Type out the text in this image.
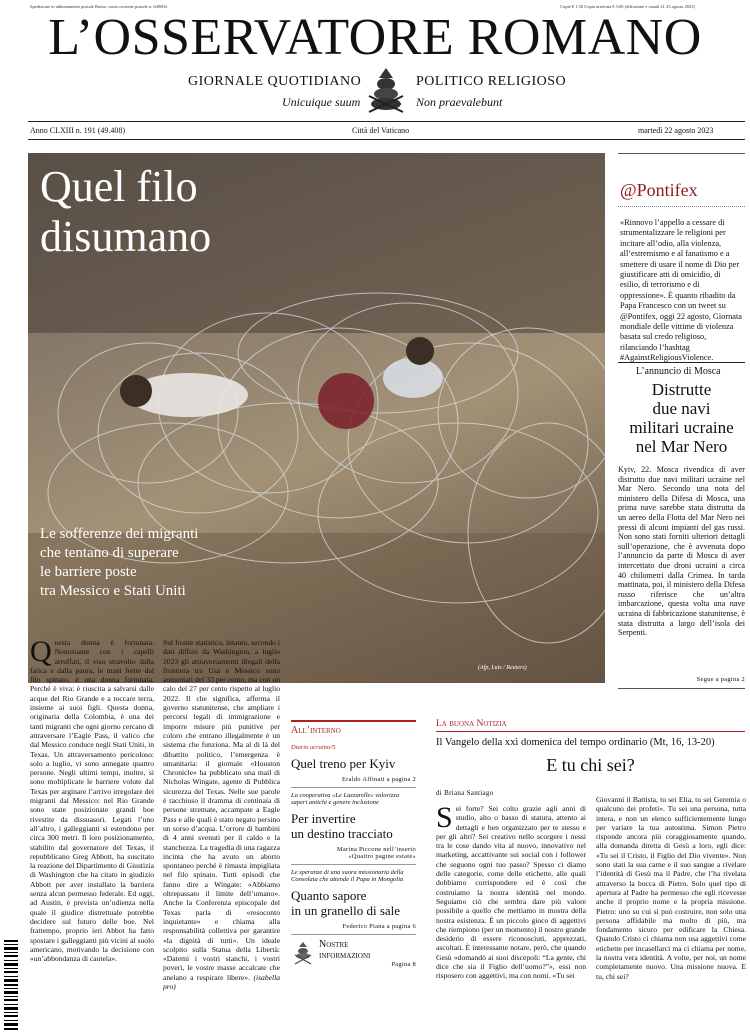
Spedizione in abbonamento postale Roma, conto corrente postale n. 649004	Copie € 1,50 Copia arretrata € 3,00 (diffusione e canali 21 23 agosto 2023)
L’OSSERVATORE ROMANO
GIORNALE QUOTIDIANO	POLITICO RELIGIOSO
Unicuique suum	Non praevalebunt
Anno CLXIII n. 191 (49.408)	Città del Vaticano	martedì 22 agosto 2023
Quel filo
disumano
Le sofferenze dei migranti
che tentano di superare
le barriere poste
tra Messico e Stati Uniti
(Afp, Luis / Reuters)
Questa donna è fortunata. Nonostante con i capelli arruffati, il viso stravolto dalla fatica e dalla paura, le mani ferite dal filo spinato, è una donna fortunata. Perché è viva: è riuscita a salvarsi dalle acque del Rio Grande e a toccare terra, insieme ai suoi figli. Questa donna, originaria della Colombia, è una dei tanti migranti che ogni giorno cercano di attraversare l’Eagle Pass, il valico che dal Messico conduce negli Stati Uniti, in Texas. Un attraversamento pericoloso: solo a luglio, vi sono annegate quattro persone. Negli ultimi tempi, inoltre, si sono moltiplicate le barriere volute dal Texas per arginare l’arrivo irregolare dei migranti dal Messico: nel Rio Grande sono state posizionate grandi boe rivestite da dissuasori. Legati l’uno all’altro, i galleggianti si estendono per circa 300 metri. Il loro posizionamento, stabilito dal governatore del Texas, il repubblicano Greg Abbott, ha suscitato la reazione del Dipartimento di Giustizia di Washington che ha citato in giudizio Abbott per aver installato la barriera senza alcun permesso federale. Ed oggi, ad Austin, è prevista un’udienza nella quale il giudice distrettuale potrebbe decidere sul futuro delle boe. Nel frattempo, proprio ieri Abbot ha fatto spostare i galleggianti più vicini al suolo americano, motivando la decisione con «un’abbondanza di cautela».
Sul fronte statistico, intanto, secondo i dati diffusi da Washington, a luglio 2023 gli attraversamenti illegali della frontiera tra Usa e Messico sono aumentati del 33 per cento, ma con un calo del 27 per cento rispetto al luglio 2022. Il che significa, afferma il governo statunitense, che ampliare i percorsi legali di immigrazione e imporre misure più punitive per coloro che entrano illegalmente è un sistema che funziona. Ma al di là del dibattito politico, l’emergenza è umanitaria: il giornale «Houston Chronicle» ha pubblicato una mail di Nicholas Wingate, agente di Pubblica sicurezza del Texas. Nelle sue parole è racchiuso il dramma di centinaia di persone stremate, accampate a Eagle Pass e alle quali è stato negato persino un sorso d’acqua. L’orrore di bambini di 4 anni svenuti per il caldo e la stanchezza. La tragedia di una ragazza incinta che ha avuto un aborto spontaneo perché è rimasta impigliata nel filo spinato. Tutti episodi che fanno dire a Wingate: «Abbiamo oltrepassato il limite dell’umano». Anche la Conferenza episcopale del Texas parla di «resoconto inquietante» e chiama alla responsabilità collettiva per garantire «la dignità di tutti». Un ideale scolpito sulla Statua della Libertà: «Datemi i vostri stanchi, i vostri poveri, le vostre masse accalcate che anelano a respirare libere». (isabella pro)
All’interno
Diario ucraino/5
Quel treno per Kyiv
Eraldo Affinati a pagina 2
La cooperativa «Le Lazzarelle» valorizza saperi antichi e genere inclusione
Per invertire
un destino tracciato
Marina Piccone nell’inserto
«Quattro pagine estate»
Le speranze di una suora missionaria della Consolata che attende il Papa in Mongolia
Quanto sapore
in un granello di sale
Federico Piana a pagina 6
Nostre
informazioni
Pagina 8
La buona Notizia
Il Vangelo della xxi domenica del tempo ordinario (Mt, 16, 13-20)
E tu chi sei?
di Briana Santiago
Sei forte? Sei colto grazie agli anni di studio, alto o basso di statura, attento ai dettagli e ben organizzato per te stesso e per gli altri? Sei creativo nello scorgere i nessi tra le cose dando vita al nuovo, innovativo nel marketing, accattivante sui social con i follower che seguono ogni tuo passo? Spesso ci diamo delle categorie, come delle etichette, alle quali dobbiamo corrispondere ed è così che costruiamo la nostra identità nel mondo. Seguiamo ciò che sembra dare più valore possibile a quello che mettiamo in mostra della nostra esistenza. È un piccolo gioco di aggettivi che riempiono (per un momento) il nostro grande desiderio di essere riconosciuti, apprezzati, ascoltati. È interessante notare, però, che quando Gesù «domandò ai suoi discepoli: “La gente, chi dice che sia il Figlio dell’uomo?”», essi non risposero con aggettivi, ma con nomi. «Tu sei
Giovanni il Battista, tu sei Elia, tu sei Geremia o qualcuno dei profeti». Tu sei una persona, tutta intera, e non un elenco sufficientemente lungo per variare la tua autostima. Simon Pietro risponde ancora più coraggiosamente quando, alla domanda diretta di Gesù a loro, egli dice: «Tu sei il Cristo, il Figlio del Dio vivente». Non sono stati la sua carne e il suo sangue a rivelare l’identità di Gesù ma il Padre, che l’ha rivelata attraverso la bocca di Pietro. Solo quel tipo di apertura al Padre ha permesso che egli ricevesse anche il proprio nome e la propria missione. Pietro: uno su cui si può costruire, non solo una persona affidabile ma molto di più, ma fondamento sicuro per edificare la Chiesa. Quando Cristo ci chiama non usa aggettivi come etichette per incasellarci ma ci chiama per nome, la nostra vera identità. A volte, per noi, un nome completamente nuovo. Una missione nuova. E tu, chi sei?
@Pontifex
«Rinnovo l’appello a cessare di strumentalizzare le religioni per incitare all’odio, alla violenza, all’estremismo e al fanatismo e a smettere di usare il nome di Dio per giustificare atti di omicidio, di esilio, di terrorismo e di oppressione». È quanto ribadito da Papa Francesco con un tweet su @Pontifex, oggi 22 agosto, Giornata mondiale delle vittime di violenza basata sul credo religioso, rilanciando l’hashtag #AgainstReligiousViolence.
L’annuncio di Mosca
Distrutte
due navi
militari ucraine
nel Mar Nero
Kyiv, 22. Mosca rivendica di aver distrutto due navi militari ucraine nel Mar Nero. Secondo una nota del ministero della Difesa di Mosca, una prima nave sarebbe stata distrutta da un aereo della Flotta del Mar Nero nei pressi di alcuni impianti del gas russi. Non sono stati forniti ulteriori dettagli sull’operazione, che è avvenuta dopo l’annuncio da parte di Mosca di aver intercettato due droni ucraini a circa 40 chilometri dalla Crimea. In tarda mattinata, poi, il ministero della Difesa russo riferisce che un’altra imbarcazione, questa volta una nave ucraina di fabbricazione statunitense, è stata distrutta a largo dell’isola dei Serpenti.
Segue a pagina 2
